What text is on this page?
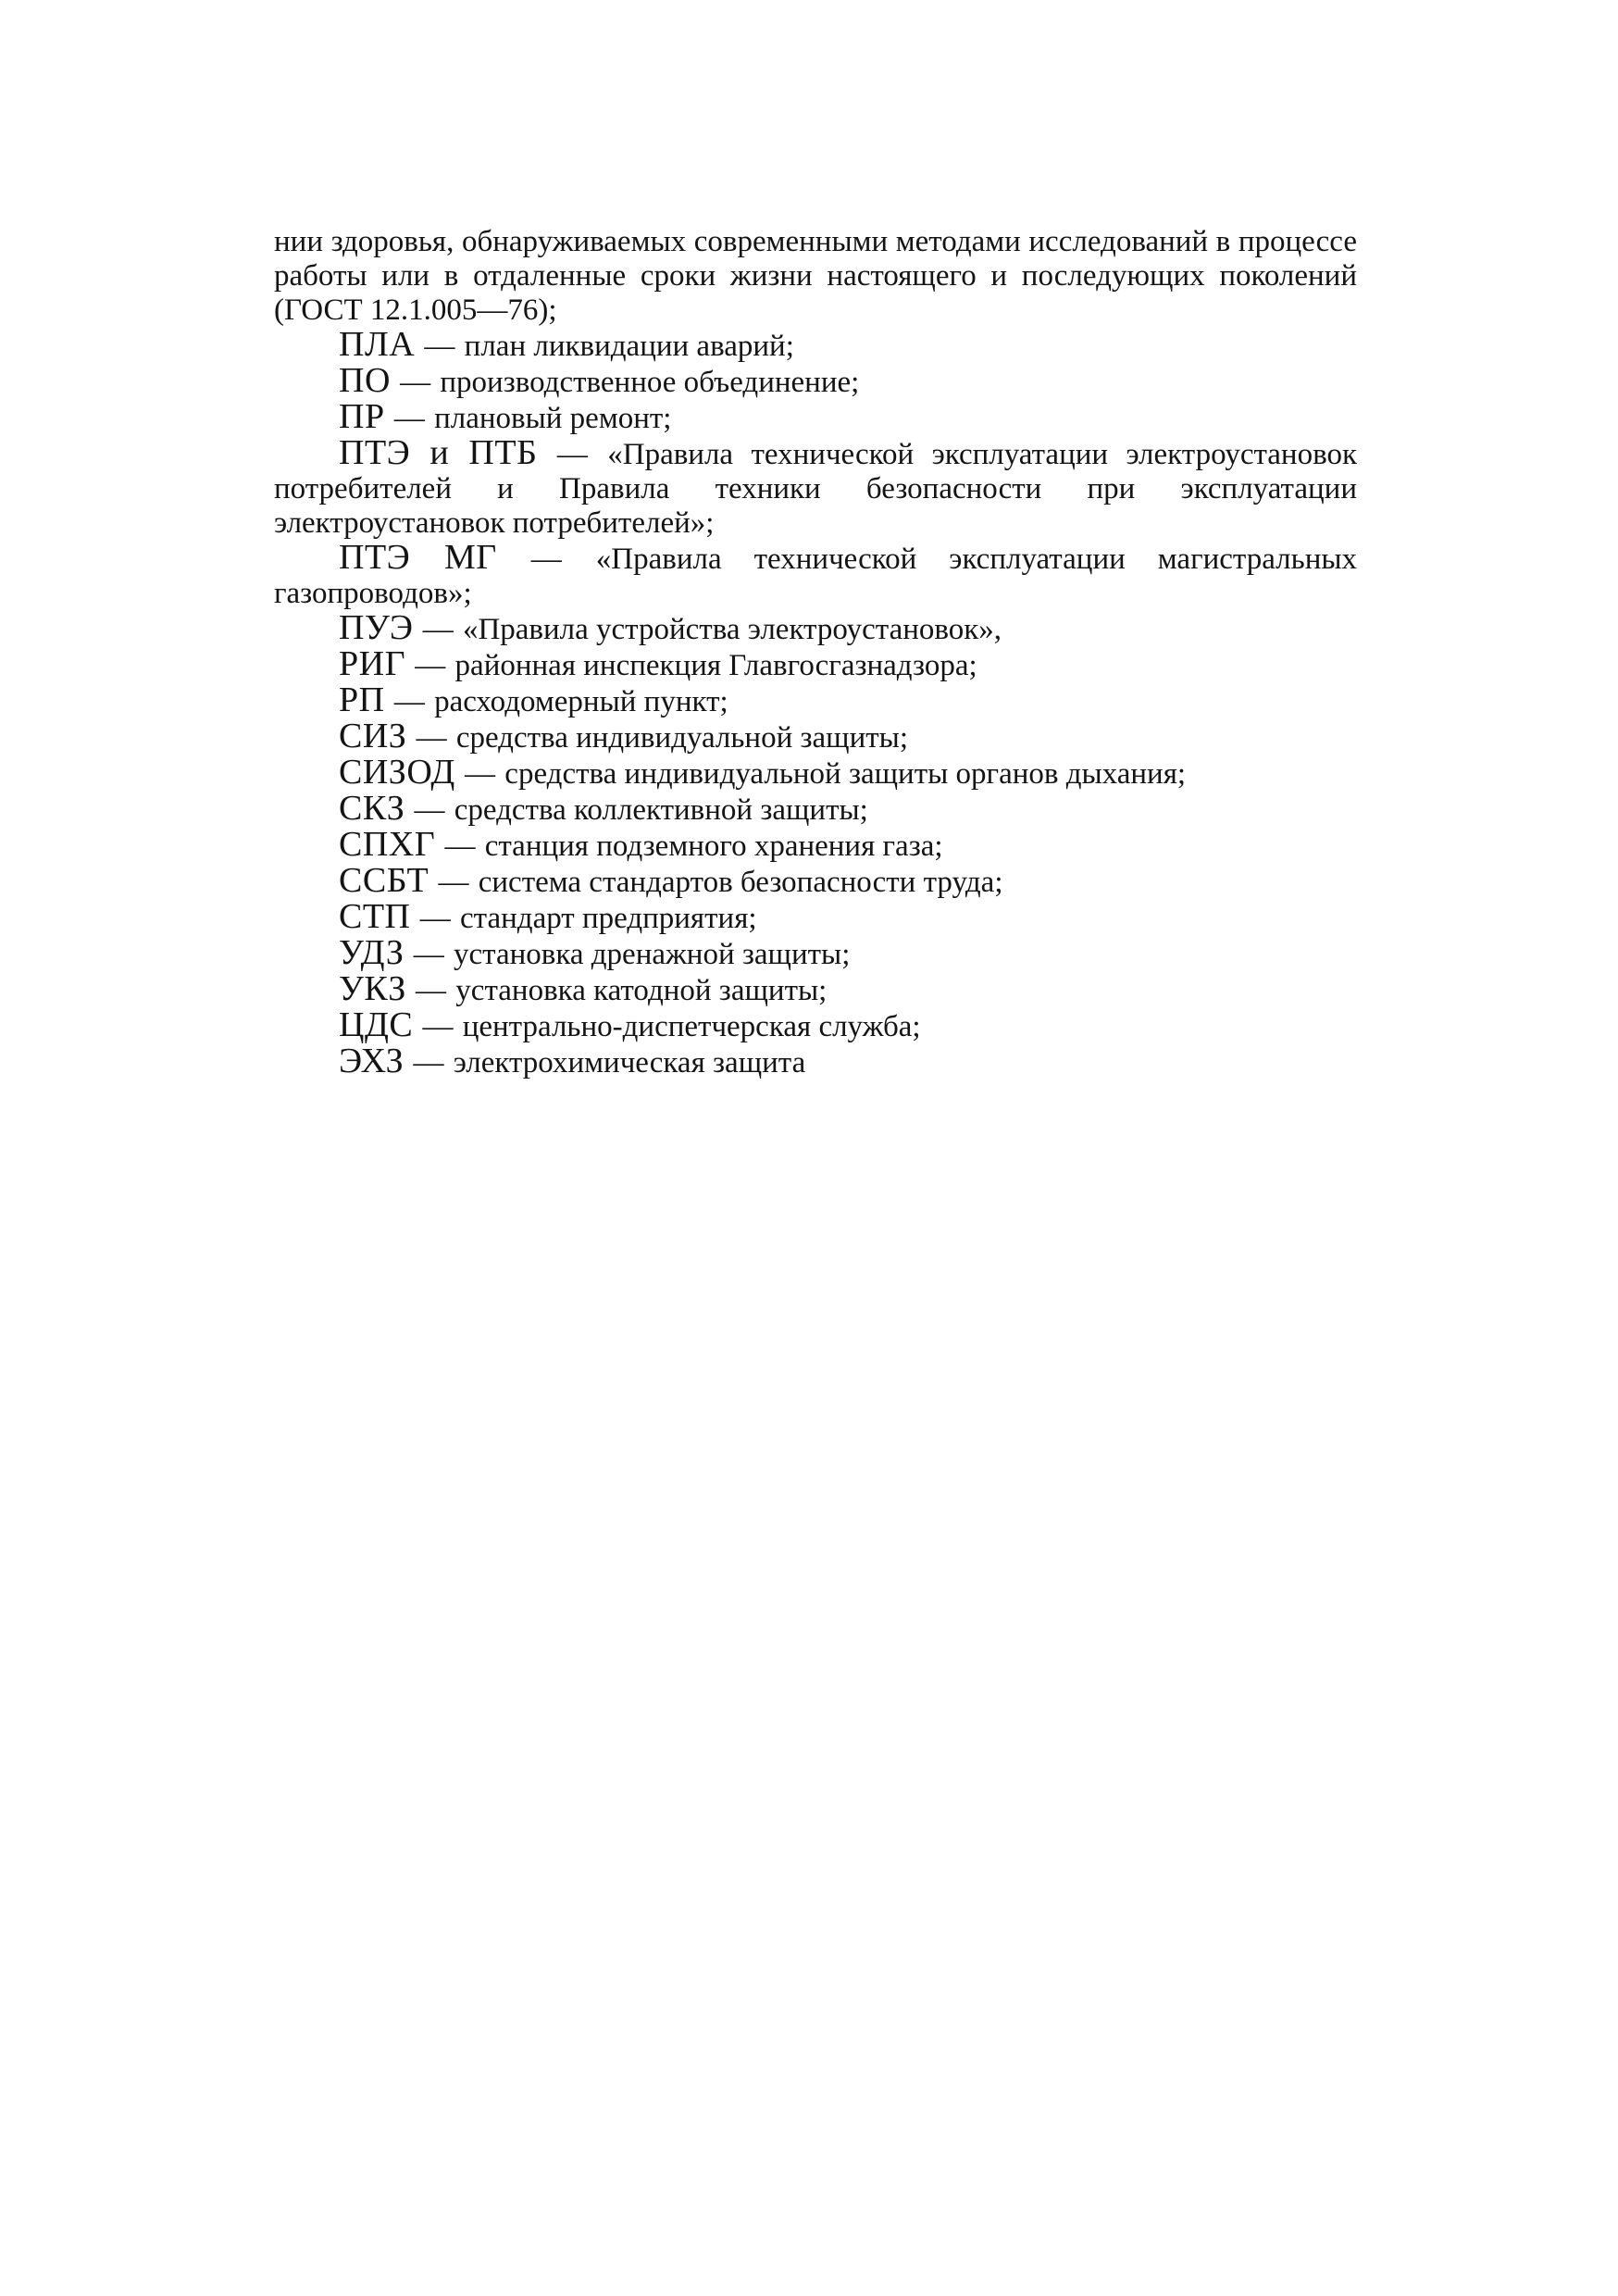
нии здоровья, обнаруживаемых современными методами исследований в процессе работы или в отдаленные сроки жизни настоящего и последующих поколений (ГОСТ 12.1.005—76);

ПЛА — план ликвидации аварий;

ПО — производственное объединение;

ПР — плановый ремонт;

ПТЭ и ПТБ — «Правила технической эксплуатации электроустановок потребителей и Правила техники безопасности при эксплуатации электроустановок потребителей»;

ПТЭ МГ — «Правила технической эксплуатации магистральных газопроводов»;

ПУЭ — «Правила устройства электроустановок»,

РИГ — районная инспекция Главгосгазнадзора;

РП — расходомерный пункт;

СИЗ — средства индивидуальной защиты;

СИЗОД — средства индивидуальной защиты органов дыхания;

СКЗ — средства коллективной защиты;

СПХГ — станция подземного хранения газа;

ССБТ — система стандартов безопасности труда;

СТП — стандарт предприятия;

УДЗ — установка дренажной защиты;

УКЗ — установка катодной защиты;

ЦДС — центрально-диспетчерская служба;

ЭХЗ — электрохимическая защита
